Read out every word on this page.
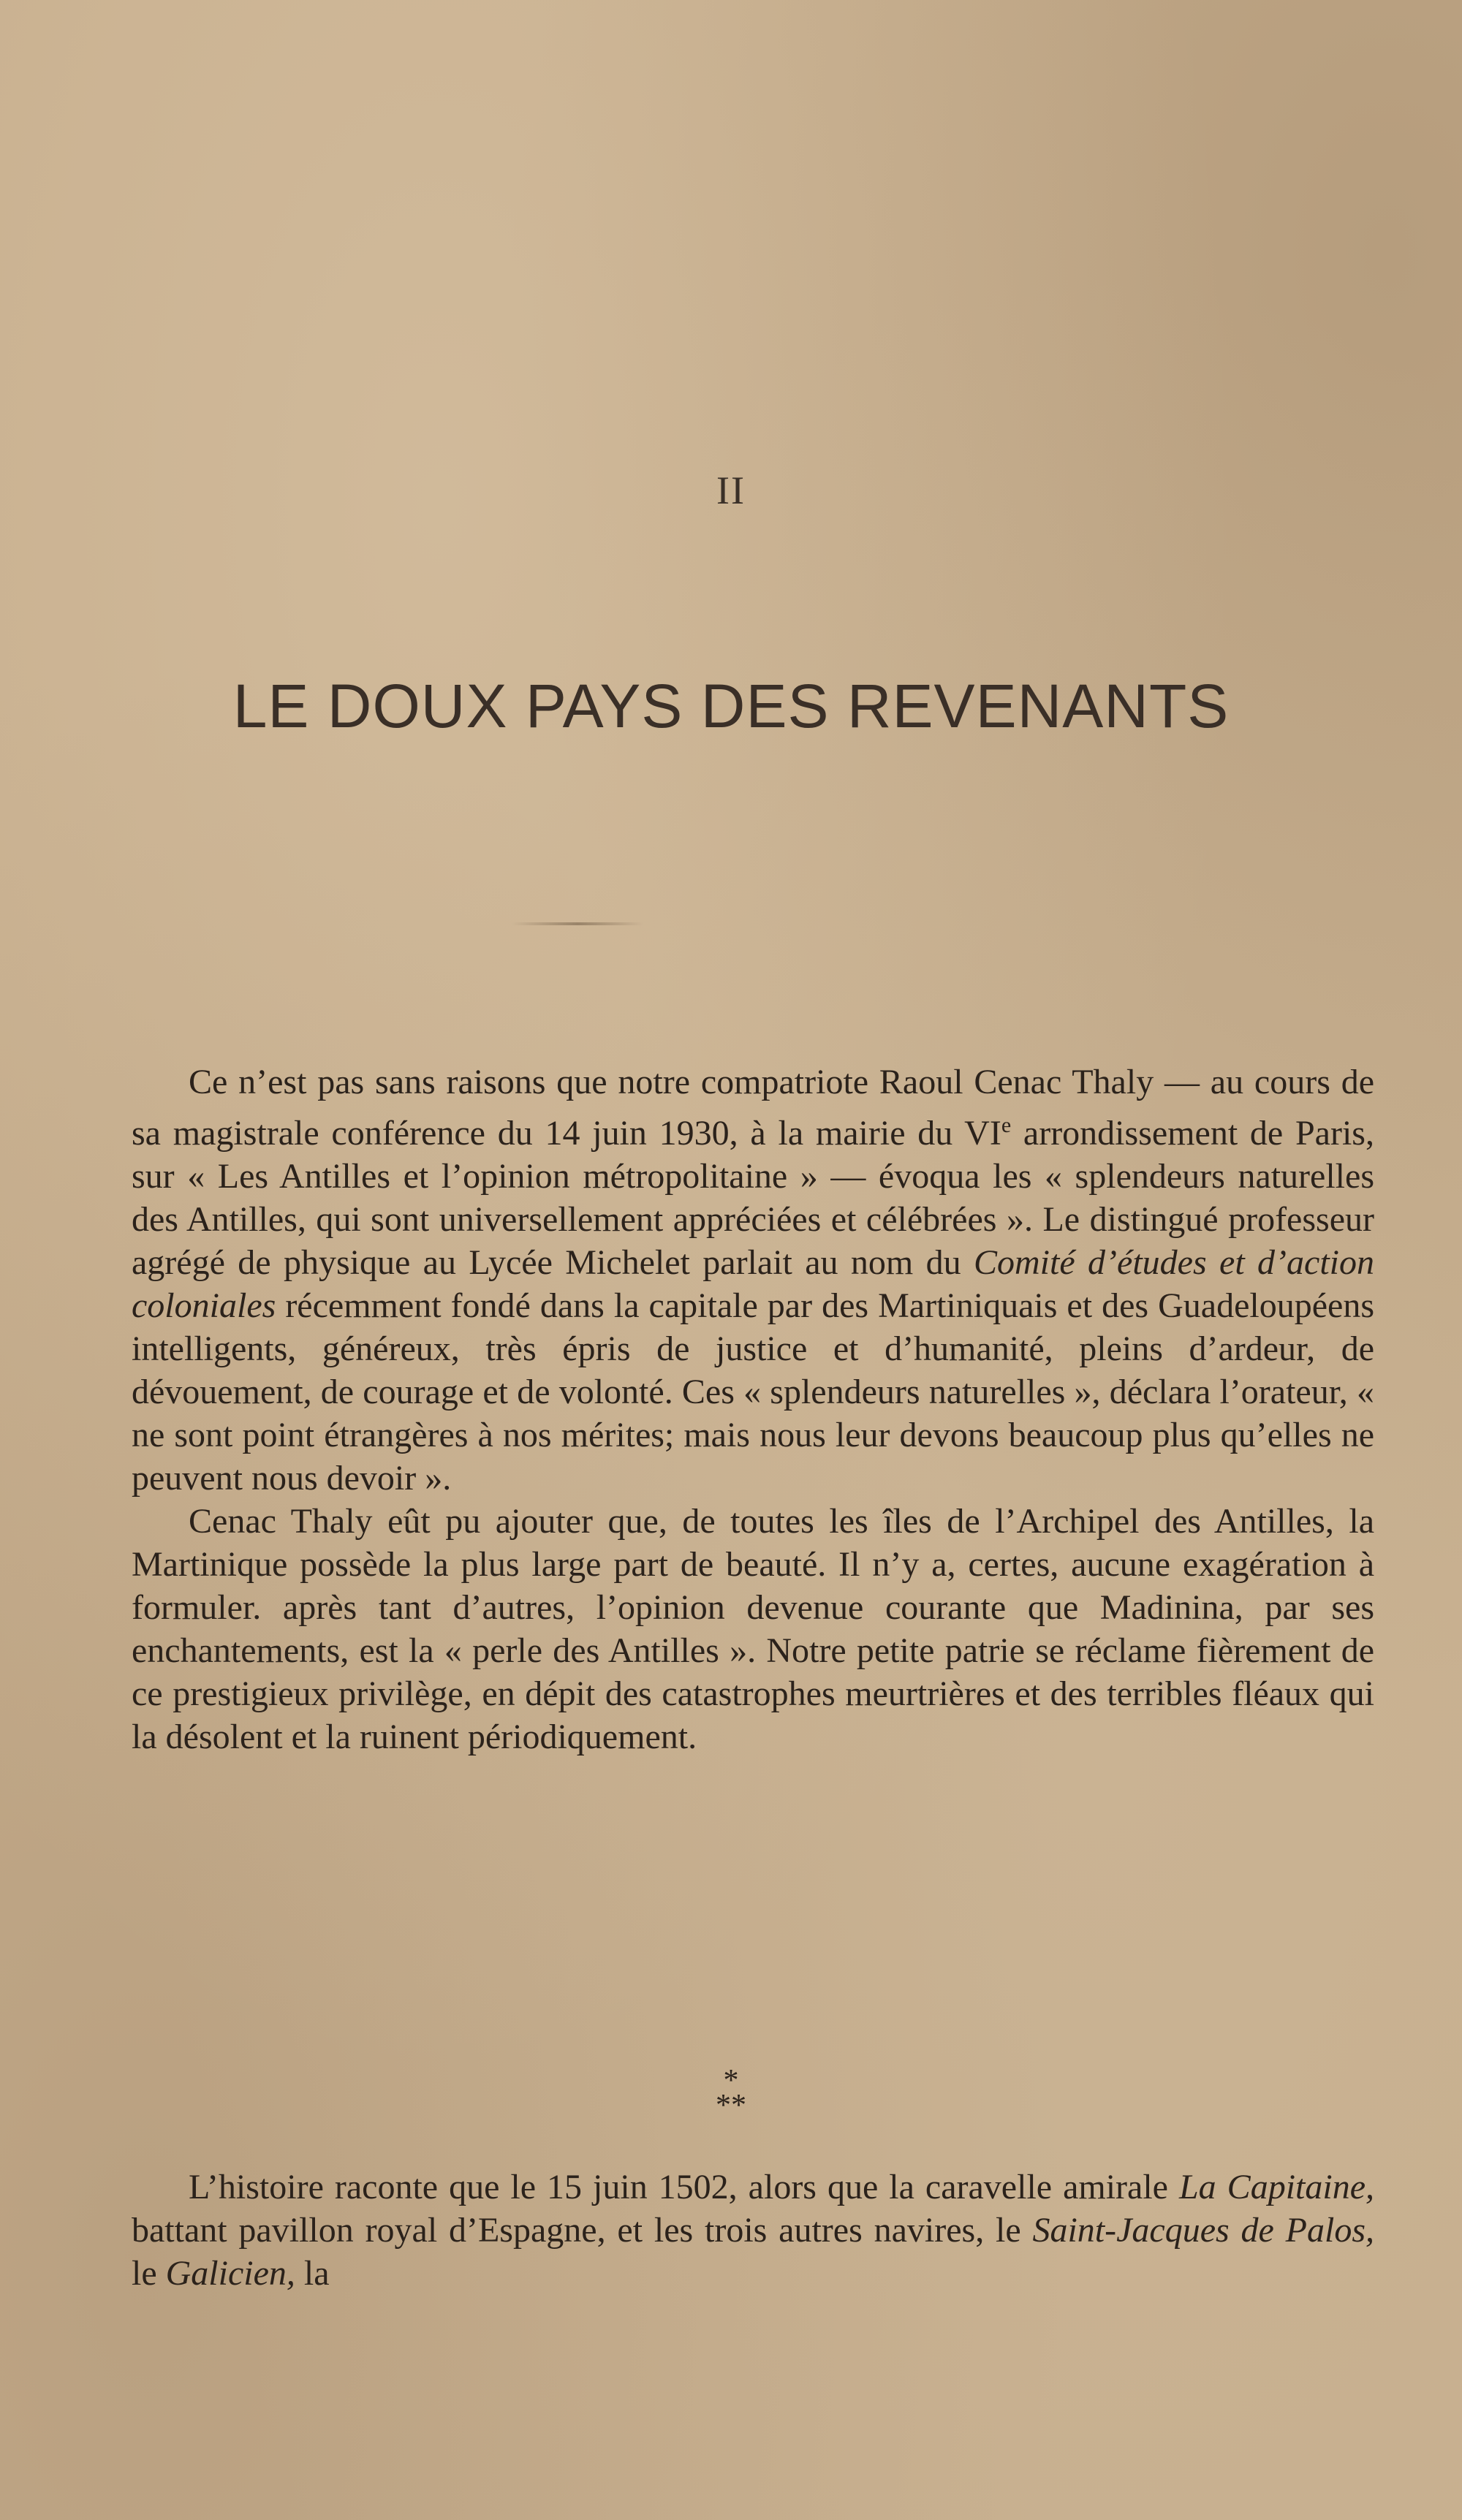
II
LE DOUX PAYS DES REVENANTS

Ce n’est pas sans raisons que notre compatriote Raoul Cenac Thaly — au cours de sa magistrale conférence du 14 juin 1930, à la mairie du VIe arrondissement de Paris, sur « Les Antilles et l’opinion métropolitaine » — évoqua les « splendeurs naturelles des Antilles, qui sont universellement appréciées et célébrées ». Le distingué professeur agrégé de physique au Lycée Michelet parlait au nom du Comité d’études et d’action coloniales récemment fondé dans la capitale par des Martiniquais et des Guadeloupéens intelligents, généreux, très épris de justice et d’humanité, pleins d’ardeur, de dévouement, de courage et de volonté. Ces « splendeurs naturelles », déclara l’orateur, « ne sont point étrangères à nos mérites; mais nous leur devons beaucoup plus qu’elles ne peuvent nous devoir ».

Cenac Thaly eût pu ajouter que, de toutes les îles de l’Archipel des Antilles, la Martinique possède la plus large part de beauté. Il n’y a, certes, aucune exagération à formuler. après tant d’autres, l’opinion devenue courante que Madinina, par ses enchantements, est la « perle des Antilles ». Notre petite patrie se réclame fièrement de ce prestigieux privilège, en dépit des catastrophes meurtrières et des terribles fléaux qui la désolent et la ruinent périodiquement.

*
**

L’histoire raconte que le 15 juin 1502, alors que la caravelle amirale La Capitaine, battant pavillon royal d’Espagne, et les trois autres navires, le Saint-Jacques de Palos, le Galicien, la
